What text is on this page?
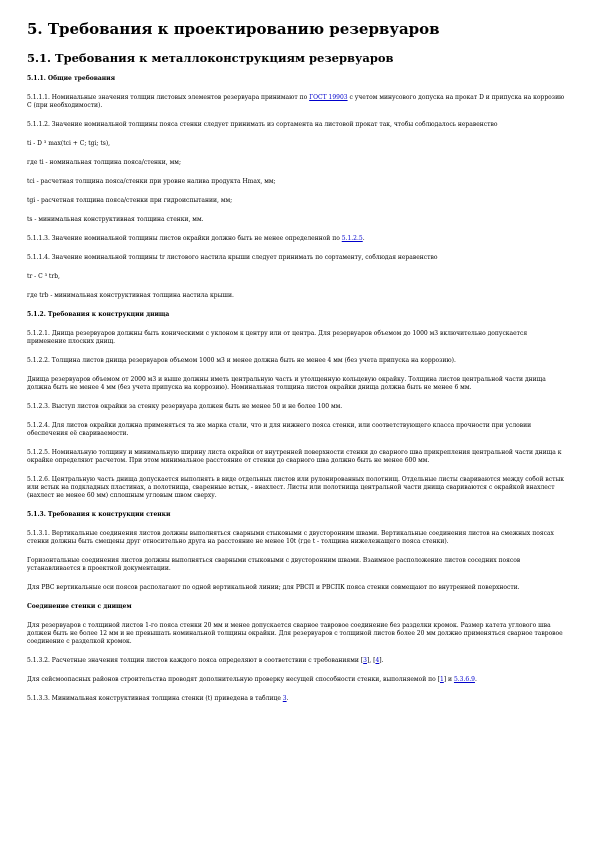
5. Требования к проектированию резервуаров
5.1. Требования к металлоконструкциям резервуаров
5.1.1. Общие требования
5.1.1.1. Номинальные значения толщин листовых элементов резервуара принимают по ГОСТ 19903 с учетом минусового допуска на прокат D и припуска на коррозию C (при необходимости).
5.1.1.2. Значение номинальной толщины пояса стенки следует принимать из сортамента на листовой прокат так, чтобы соблюдалось неравенство
ti - D ³ max(tci + C; tgi; ts),
где ti - номинальная толщина пояса/стенки, мм;
tci - расчетная толщина пояса/стенки при уровне налива продукта Hmax, мм;
tgi - расчетная толщина пояса/стенки при гидроиспытании, мм;
ts - минимальная конструктивная толщина стенки, мм.
5.1.1.3. Значение номинальной толщины листов окрайки должно быть не менее определенной по 5.1.2.5.
5.1.1.4. Значение номинальной толщины tr листового настила крыши следует принимать по сортаменту, соблюдая неравенство
tr - C ³ trb,
где trb - минимальная конструктивная толщина настила крыши.
5.1.2. Требования к конструкции днища
5.1.2.1. Днища резервуаров должны быть коническими с уклоном к центру или от центра. Для резервуаров объемом до 1000 м3 включительно допускается применение плоских днищ.
5.1.2.2. Толщина листов днища резервуаров объемом 1000 м3 и менее должна быть не менее 4 мм (без учета припуска на коррозию).
Днища резервуаров объемом от 2000 м3 и выше должны иметь центральную часть и утолщенную кольцевую окрайку. Толщина листов центральной части днища должна быть не менее 4 мм (без учета припуска на коррозию). Номинальная толщина листов окрайки днища должна быть не менее 6 мм.
5.1.2.3. Выступ листов окрайки за стенку резервуара должен быть не менее 50 и не более 100 мм.
5.1.2.4. Для листов окрайки должна применяться та же марка стали, что и для нижнего пояса стенки, или соответствующего класса прочности при условии обеспечения её свариваемости.
5.1.2.5. Номинальную толщину и минимальную ширину листа окрайки от внутренней поверхности стенки до сварного шва прикрепления центральной части днища к окрайке определяют расчетом. При этом минимальное расстояние от стенки до сварного шва должно быть не менее 600 мм.
5.1.2.6. Центральную часть днища допускается выполнять в виде отдельных листов или рулонированных полотнищ. Отдельные листы свариваются между собой встык или встык на подкладных пластинах, а полотнища, сваренные встык, - внахлест. Листы или полотнища центральной части днища свариваются с окрайкой внахлест (нахлест не менее 60 мм) сплошным угловым швом сверху.
5.1.3. Требования к конструкции стенки
5.1.3.1. Вертикальные соединения листов должны выполняться сварными стыковыми с двусторонним швами. Вертикальные соединения листов на смежных поясах стенки должны быть смещены друг относительно друга на расстояние не менее 10t (где t - толщина нижележащего пояса стенки).
Горизонтальные соединения листов должны выполняться сварными стыковыми с двусторонним швами. Взаимное расположение листов соседних поясов устанавливается в проектной документации.
Для РВС вертикальные оси поясов располагают по одной вертикальной линии; для РВСП и РВСПК пояса стенки совмещают по внутренней поверхности.
Соединение стенки с днищем
Для резервуаров с толщиной листов 1-го пояса стенки 20 мм и менее допускается сварное тавровое соединение без разделки кромок. Размер катета углового шва должен быть не более 12 мм и не превышать номинальной толщины окрайки. Для резервуаров с толщиной листов более 20 мм должно применяться сварное тавровое соединение с разделкой кромок.
5.1.3.2. Расчетные значения толщин листов каждого пояса определяют в соответствии с требованиями [3], [4].
Для сейсмоопасных районов строительства проводят дополнительную проверку несущей способности стенки, выполняемой по [1] и 5.3.6.9.
5.1.3.3. Минимальная конструктивная толщина стенки (t) приведена в таблице 3.
